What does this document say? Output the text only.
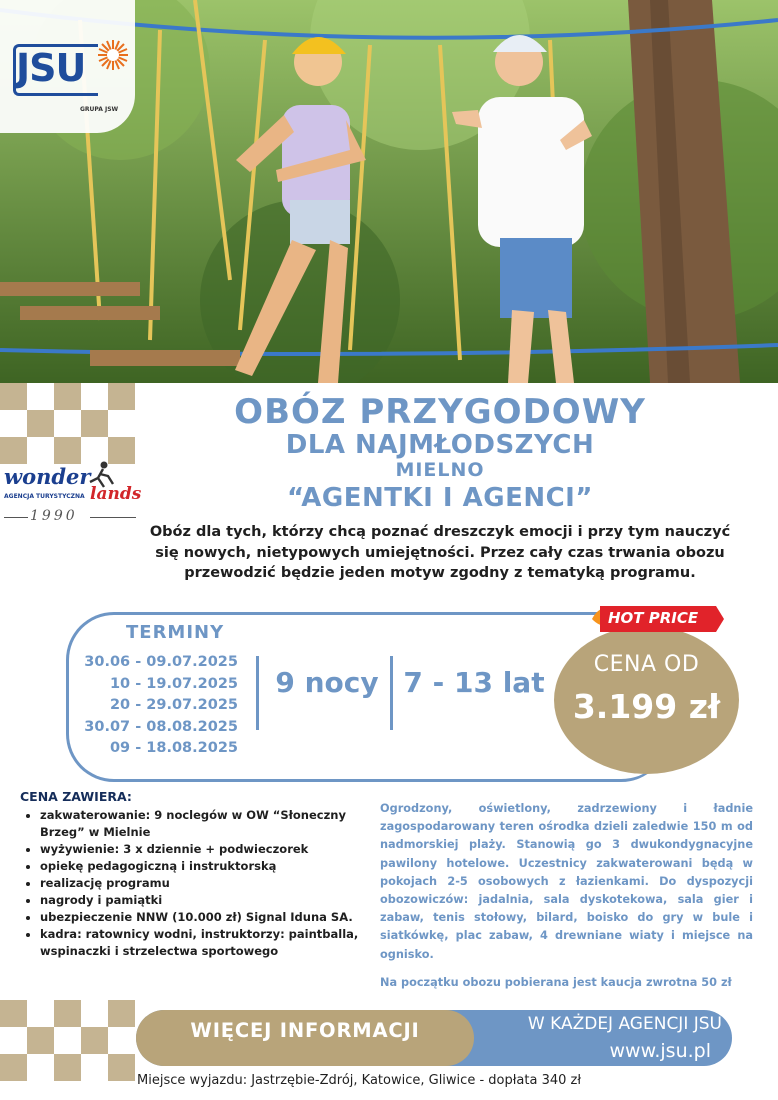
JSU
GRUPA JSW
wonder
lands
AGENCJA TURYSTYCZNA
1990
OBÓZ PRZYGODOWY
DLA NAJMŁODSZYCH
MIELNO
“AGENTKI I AGENCI”
Obóz dla tych, którzy chcą poznać dreszczyk emocji i przy tym nauczyć się nowych, nietypowych umiejętności. Przez cały czas trwania obozu przewodzić będzie jeden motyw zgodny z tematyką programu.
TERMINY
30.06 - 09.07.2025
10 - 19.07.2025
20 - 29.07.2025
30.07 - 08.08.2025
09 - 18.08.2025
9 nocy 7 - 13 lat
CENA OD
3.199 zł
HOT PRICE
CENA ZAWIERA:
• zakwaterowanie: 9 noclegów w OW “Słoneczny Brzeg” w Mielnie
• wyżywienie: 3 x dziennie + podwieczorek
• opiekę pedagogiczną i instruktorską
• realizację programu
• nagrody i pamiątki
• ubezpieczenie NNW (10.000 zł) Signal Iduna SA.
• kadra: ratownicy wodni, instruktorzy: paintballa, wspinaczki i strzelectwa sportowego
Ogrodzony, oświetlony, zadrzewiony i ładnie zagospodarowany teren ośrodka dzieli zaledwie 150 m od nadmorskiej plaży. Stanowią go 3 dwukondygnacyjne pawilony hotelowe. Uczestnicy zakwaterowani będą w pokojach 2-5 osobowych z łazienkami. Do dyspozycji obozowiczów: jadalnia, sala dyskotekowa, sala gier i zabaw, tenis stołowy, bilard, boisko do gry w bule i siatkówkę, plac zabaw, 4 drewniane wiaty i miejsce na ognisko.
Na początku obozu pobierana jest kaucja zwrotna 50 zł
WIĘCEJ INFORMACJI	W KAŻDEJ AGENCJI JSU
www.jsu.pl
Miejsce wyjazdu: Jastrzębie-Zdrój, Katowice, Gliwice - dopłata 340 zł
